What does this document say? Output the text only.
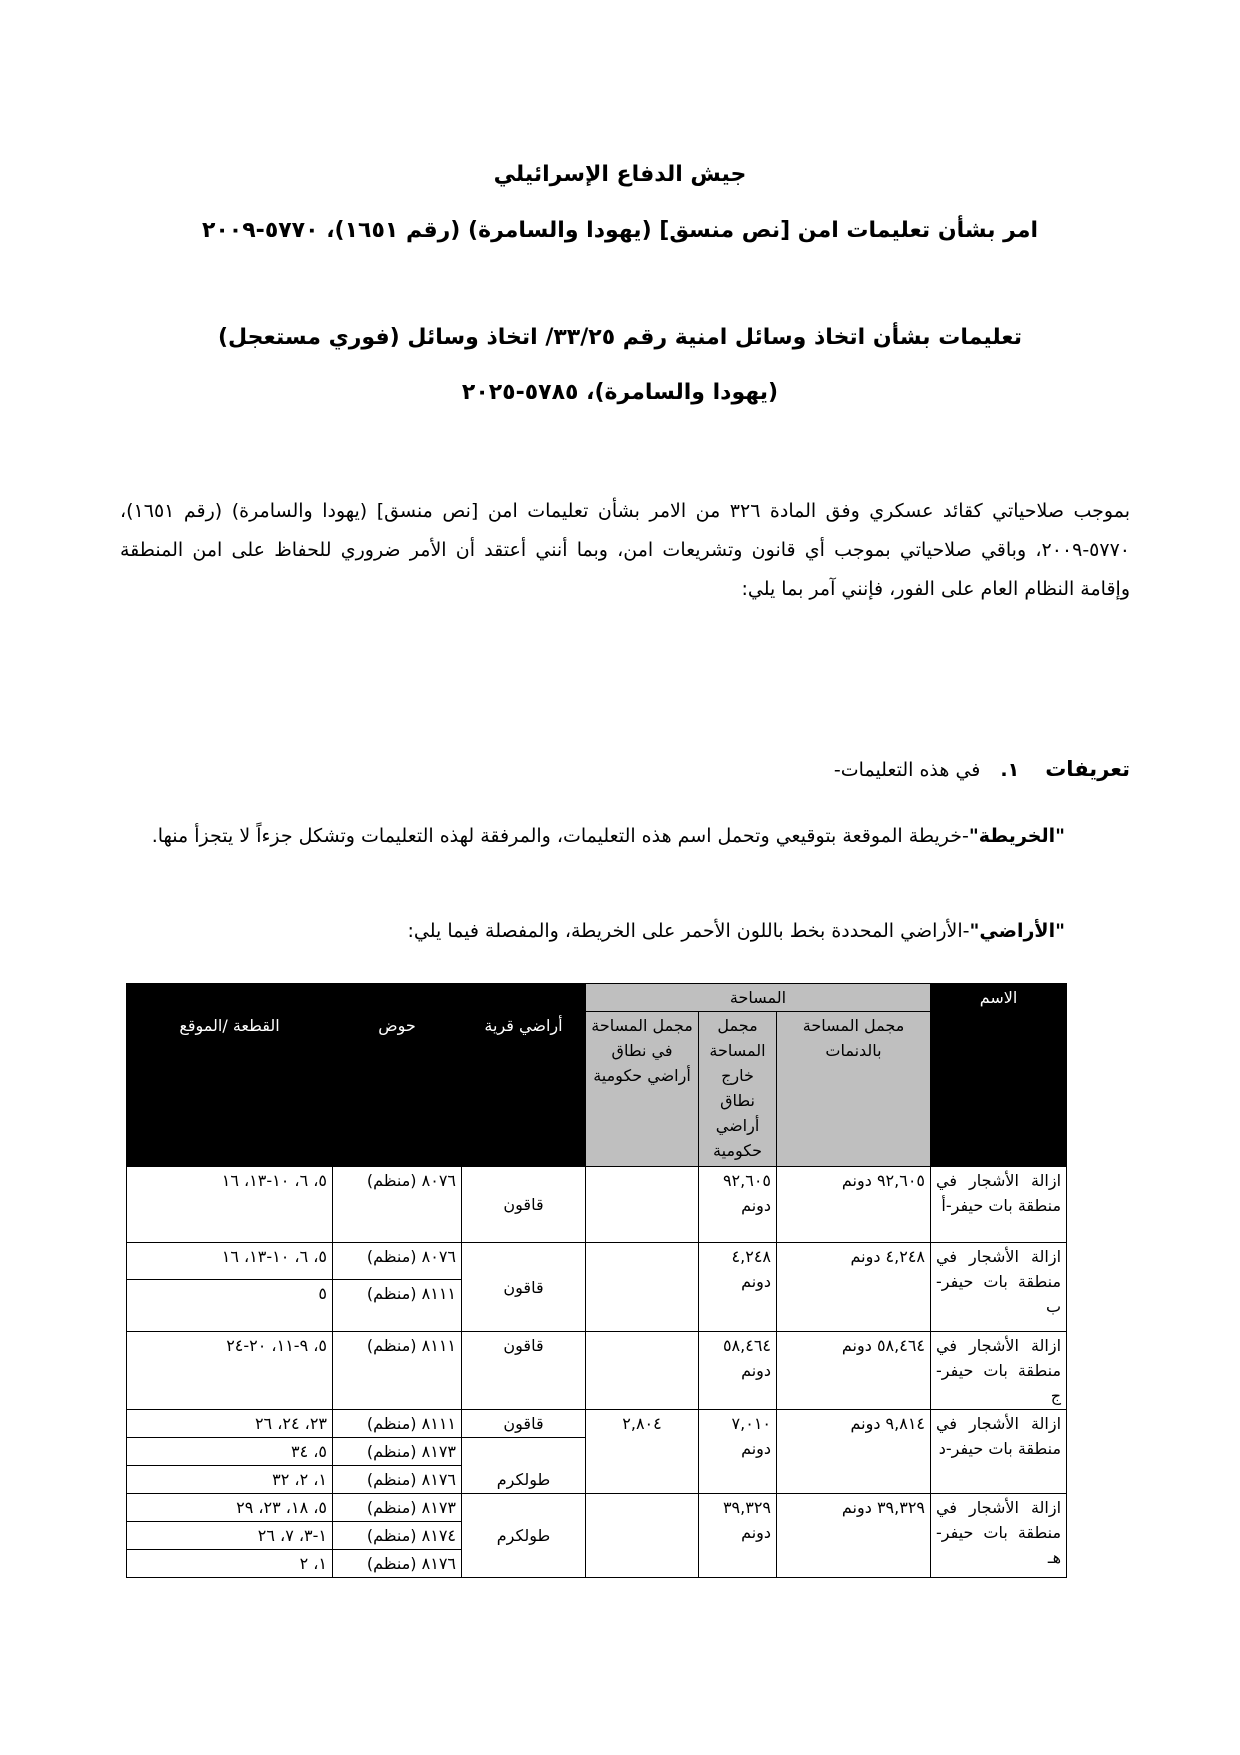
جيش الدفاع الإسرائيلي
امر بشأن تعليمات امن [نص منسق] (يهودا والسامرة) (رقم ١٦٥١)، ٥٧٧٠-٢٠٠٩
تعليمات بشأن اتخاذ وسائل امنية رقم ٣٣/٢٥/ اتخاذ وسائل (فوري مستعجل)
(يهودا والسامرة)، ٥٧٨٥-٢٠٢٥
بموجب صلاحياتي كقائد عسكري وفق المادة ٣٢٦ من الامر بشأن تعليمات امن [نص منسق] (يهودا والسامرة) (رقم ١٦٥١)، ٥٧٧٠-٢٠٠٩، وباقي صلاحياتي بموجب أي قانون وتشريعات امن، وبما أنني أعتقد أن الأمر ضروري للحفاظ على امن المنطقة وإقامة النظام العام على الفور، فإنني آمر بما يلي:
تعريفات١.في هذه التعليمات-
"الخريطة"-خريطة الموقعة بتوقيعي وتحمل اسم هذه التعليمات، والمرفقة لهذه التعليمات وتشكل جزءاً لا يتجزأ منها.
"الأراضي"-الأراضي المحددة بخط باللون الأحمر على الخريطة، والمفصلة فيما يلي:
الاسم	المساحة					
	مجمل المساحة بالدنمات	مجمل المساحة خارج نطاق أراضي حكومية	مجمل المساحة في نطاق أراضي حكومية	أراضي قرية	حوض	القطعة /الموقع
ازالة الأشجار في منطقة بات حيفر-أ	٩٢,٦٠٥ دونم	٩٢,٦٠٥ دونم		قاقون	٨٠٧٦ (منظم)	٥، ٦، ١٠-١٣، ١٦
ازالة الأشجار في منطقة بات حيفر-ب	٤,٢٤٨ دونم	٤,٢٤٨ دونم		قاقون	٨٠٧٦ (منظم)	٥، ٦، ١٠-١٣، ١٦
					٨١١١ (منظم)	٥
ازالة الأشجار في منطقة بات حيفر-ج	٥٨,٤٦٤ دونم	٥٨,٤٦٤ دونم		قاقون	٨١١١ (منظم)	٥، ٩-١١، ٢٠-٢٤
ازالة الأشجار في منطقة بات حيفر-د	٩,٨١٤ دونم	٧,٠١٠ دونم	٢,٨٠٤	قاقون	٨١١١ (منظم)	٢٣، ٢٤، ٢٦
				طولكرم	٨١٧٣ (منظم)	٥، ٣٤
					٨١٧٦ (منظم)	١، ٢، ٣٢
ازالة الأشجار في منطقة بات حيفر-هـ	٣٩,٣٢٩ دونم	٣٩,٣٢٩ دونم		طولكرم	٨١٧٣ (منظم)	٥، ١٨، ٢٣، ٢٩
					٨١٧٤ (منظم)	١-٣، ٧، ٢٦
					٨١٧٦ (منظم)	١، ٢
